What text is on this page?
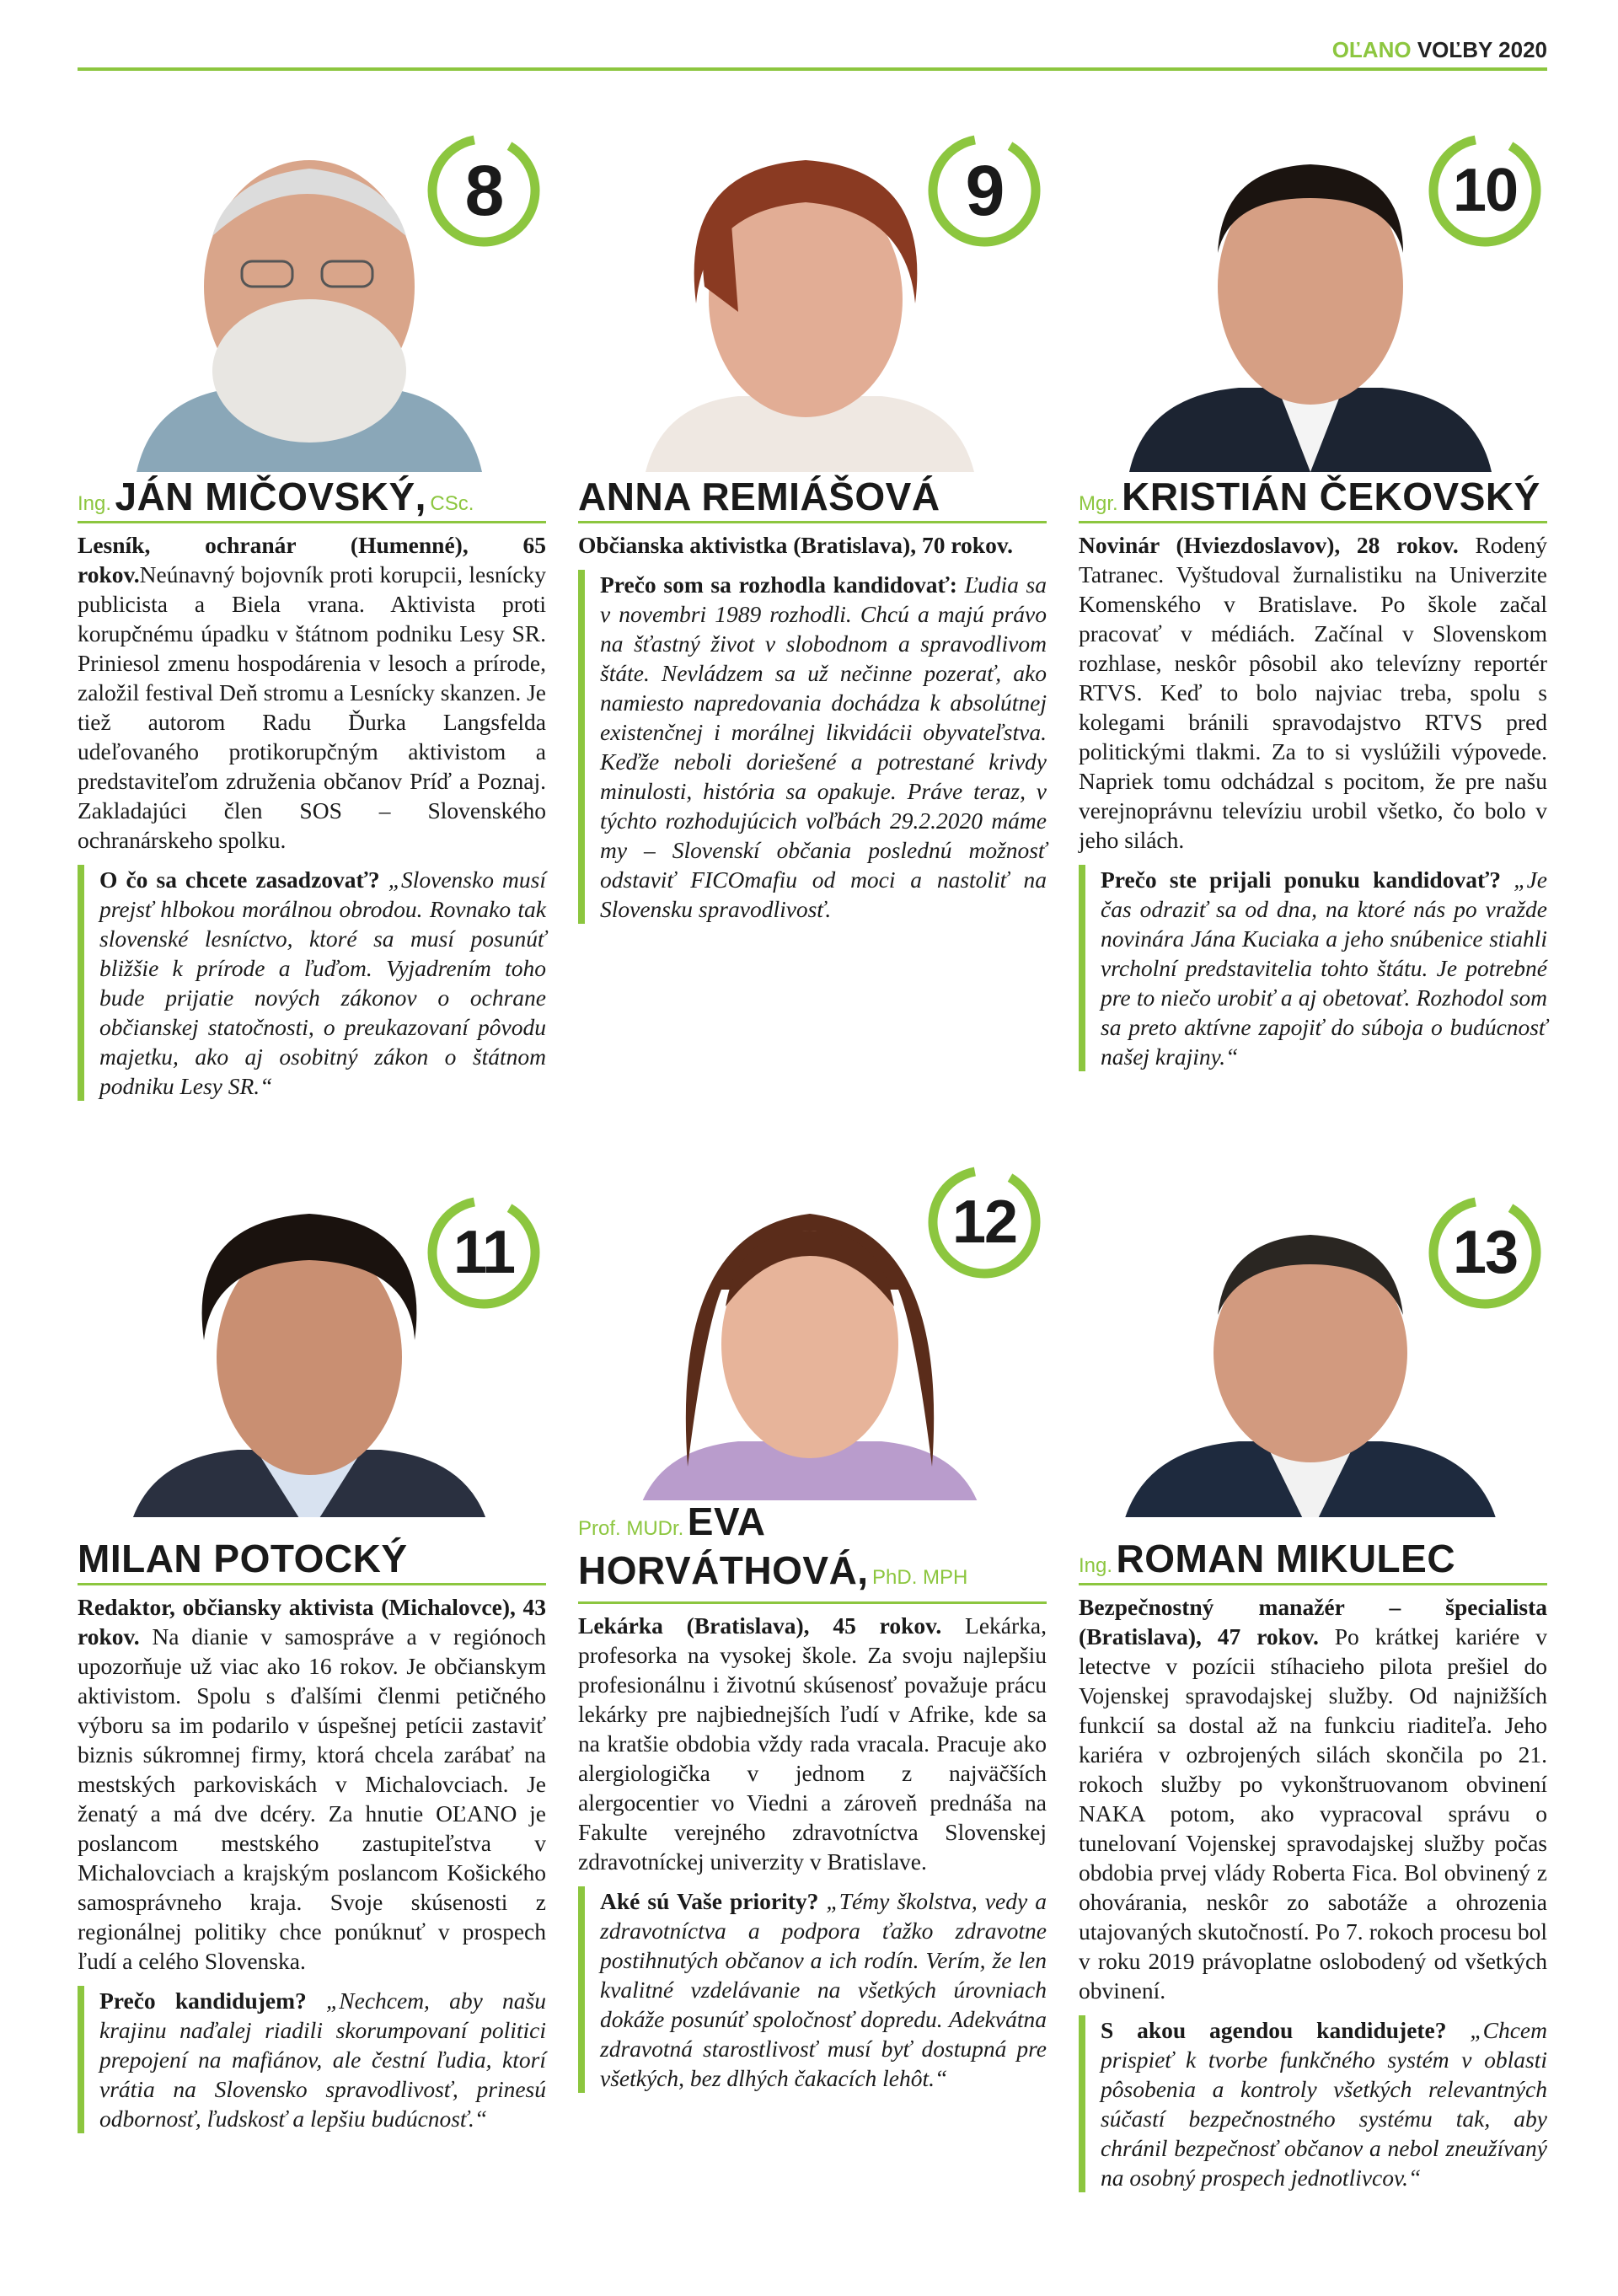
OĽANO VOĽBY 2020
8
Ing. JÁN MIČOVSKÝ, CSc.

Lesník, ochranár (Humenné), 65 rokov.Neúnavný bojovník proti korupcii, lesnícky publicista a Biela vrana. Aktivista proti korupčnému úpadku v štátnom podniku Lesy SR. Priniesol zmenu hospodárenia v lesoch a prírode, založil festival Deň stromu a Lesnícky skanzen. Je tiež autorom Radu Ďurka Langsfelda udeľovaného protikorupčným aktivistom a predstaviteľom združenia občanov Príď a Poznaj. Zakladajúci člen SOS – Slovenského ochranárskeho spolku.

O čo sa chcete zasadzovať? „Slovensko musí prejsť hlbokou morálnou obrodou. Rovnako tak slovenské lesníctvo, ktoré sa musí posunúť bližšie k prírode a ľuďom. Vyjadrením toho bude prijatie nových zákonov o ochrane občianskej statočnosti, o preukazovaní pôvodu majetku, ako aj osobitný zákon o štátnom podniku Lesy SR.“
9
ANNA REMIÁŠOVÁ

Občianska aktivistka (Bratislava), 70 rokov.

Prečo som sa rozhodla kandidovať: Ľudia sa v novembri 1989 rozhodli. Chcú a majú právo na šťastný život v slobodnom a spravodlivom štáte. Nevládzem sa už nečinne pozerať, ako namiesto napredovania dochádza k absolútnej existenčnej i morálnej likvidácii obyvateľstva. Keďže neboli doriešené a potrestané krivdy minulosti, história sa opakuje. Práve teraz, v týchto rozhodujúcich voľbách 29.2.2020 máme my – Slovenskí občania poslednú možnosť odstaviť FICOmafiu od moci a nastoliť na Slovensku spravodlivosť.
10
Mgr. KRISTIÁN ČEKOVSKÝ

Novinár (Hviezdoslavov), 28 rokov. Rodený Tatranec. Vyštudoval žurnalistiku na Univerzite Komenského v Bratislave. Po škole začal pracovať v médiách. Začínal v Slovenskom rozhlase, neskôr pôsobil ako televízny reportér RTVS. Keď to bolo najviac treba, spolu s kolegami bránili spravodajstvo RTVS pred politickými tlakmi. Za to si vyslúžili výpovede. Napriek tomu odchádzal s pocitom, že pre našu verejnoprávnu televíziu urobil všetko, čo bolo v jeho silách.

Prečo ste prijali ponuku kandidovať? „Je čas odraziť sa od dna, na ktoré nás po vražde novinára Jána Kuciaka a jeho snúbenice stiahli vrcholní predstavitelia tohto štátu. Je potrebné pre to niečo urobiť a aj obetovať. Rozhodol som sa preto aktívne zapojiť do súboja o budúcnosť našej krajiny.“
11
MILAN POTOCKÝ

Redaktor, občiansky aktivista (Michalovce), 43 rokov. Na dianie v samospráve a v regiónoch upozorňuje už viac ako 16 rokov. Je občianskym aktivistom. Spolu s ďalšími členmi petičného výboru sa im podarilo v úspešnej petícii zastaviť biznis súkromnej firmy, ktorá chcela zarábať na mestských parkoviskách v Michalovciach. Je ženatý a má dve dcéry. Za hnutie OĽANO je poslancom mestského zastupiteľstva v Michalovciach a krajským poslancom Košického samosprávneho kraja. Svoje skúsenosti z regionálnej politiky chce ponúknuť v prospech ľudí a celého Slovenska.

Prečo kandidujem? „Nechcem, aby našu krajinu naďalej riadili skorumpovaní politici prepojení na mafiánov, ale čestní ľudia, ktorí vrátia na Slovensko spravodlivosť, prinesú odbornosť, ľudskosť a lepšiu budúcnosť.“
12
Prof. MUDr. EVA
HORVÁTHOVÁ, PhD. MPH

Lekárka (Bratislava), 45 rokov. Lekárka, profesorka na vysokej škole. Za svoju najlepšiu profesionálnu i životnú skúsenosť považuje prácu lekárky pre najbiednejších ľudí v Afrike, kde sa na kratšie obdobia vždy rada vracala. Pracuje ako alergiologička v jednom z najväčších alergocentier vo Viedni a zároveň prednáša na Fakulte verejného zdravotníctva Slovenskej zdravotníckej univerzity v Bratislave.

Aké sú Vaše priority? „Témy školstva, vedy a zdravotníctva a podpora ťažko zdravotne postihnutých občanov a ich rodín. Verím, že len kvalitné vzdelávanie na všetkých úrovniach dokáže posunúť spoločnosť dopredu. Adekvátna zdravotná starostlivosť musí byť dostupná pre všetkých, bez dlhých čakacích lehôt.“
13
Ing. ROMAN MIKULEC

Bezpečnostný manažér – špecialista (Bratislava), 47 rokov. Po krátkej kariére v letectve v pozícii stíhacieho pilota prešiel do Vojenskej spravodajskej služby. Od najnižších funkcií sa dostal až na funkciu riaditeľa. Jeho kariéra v ozbrojených silách skončila po 21. rokoch služby po vykonštruovanom obvinení NAKA potom, ako vypracoval správu o tunelovaní Vojenskej spravodajskej služby počas obdobia prvej vlády Roberta Fica. Bol obvinený z ohovárania, neskôr zo sabotáže a ohrozenia utajovaných skutočností. Po 7. rokoch procesu bol v roku 2019 právoplatne oslobodený od všetkých obvinení.

S akou agendou kandidujete? „Chcem prispieť k tvorbe funkčného systém v oblasti pôsobenia a kontroly všetkých relevantných súčastí bezpečnostného systému tak, aby chránil bezpečnosť občanov a nebol zneužívaný na osobný prospech jednotlivcov.“
